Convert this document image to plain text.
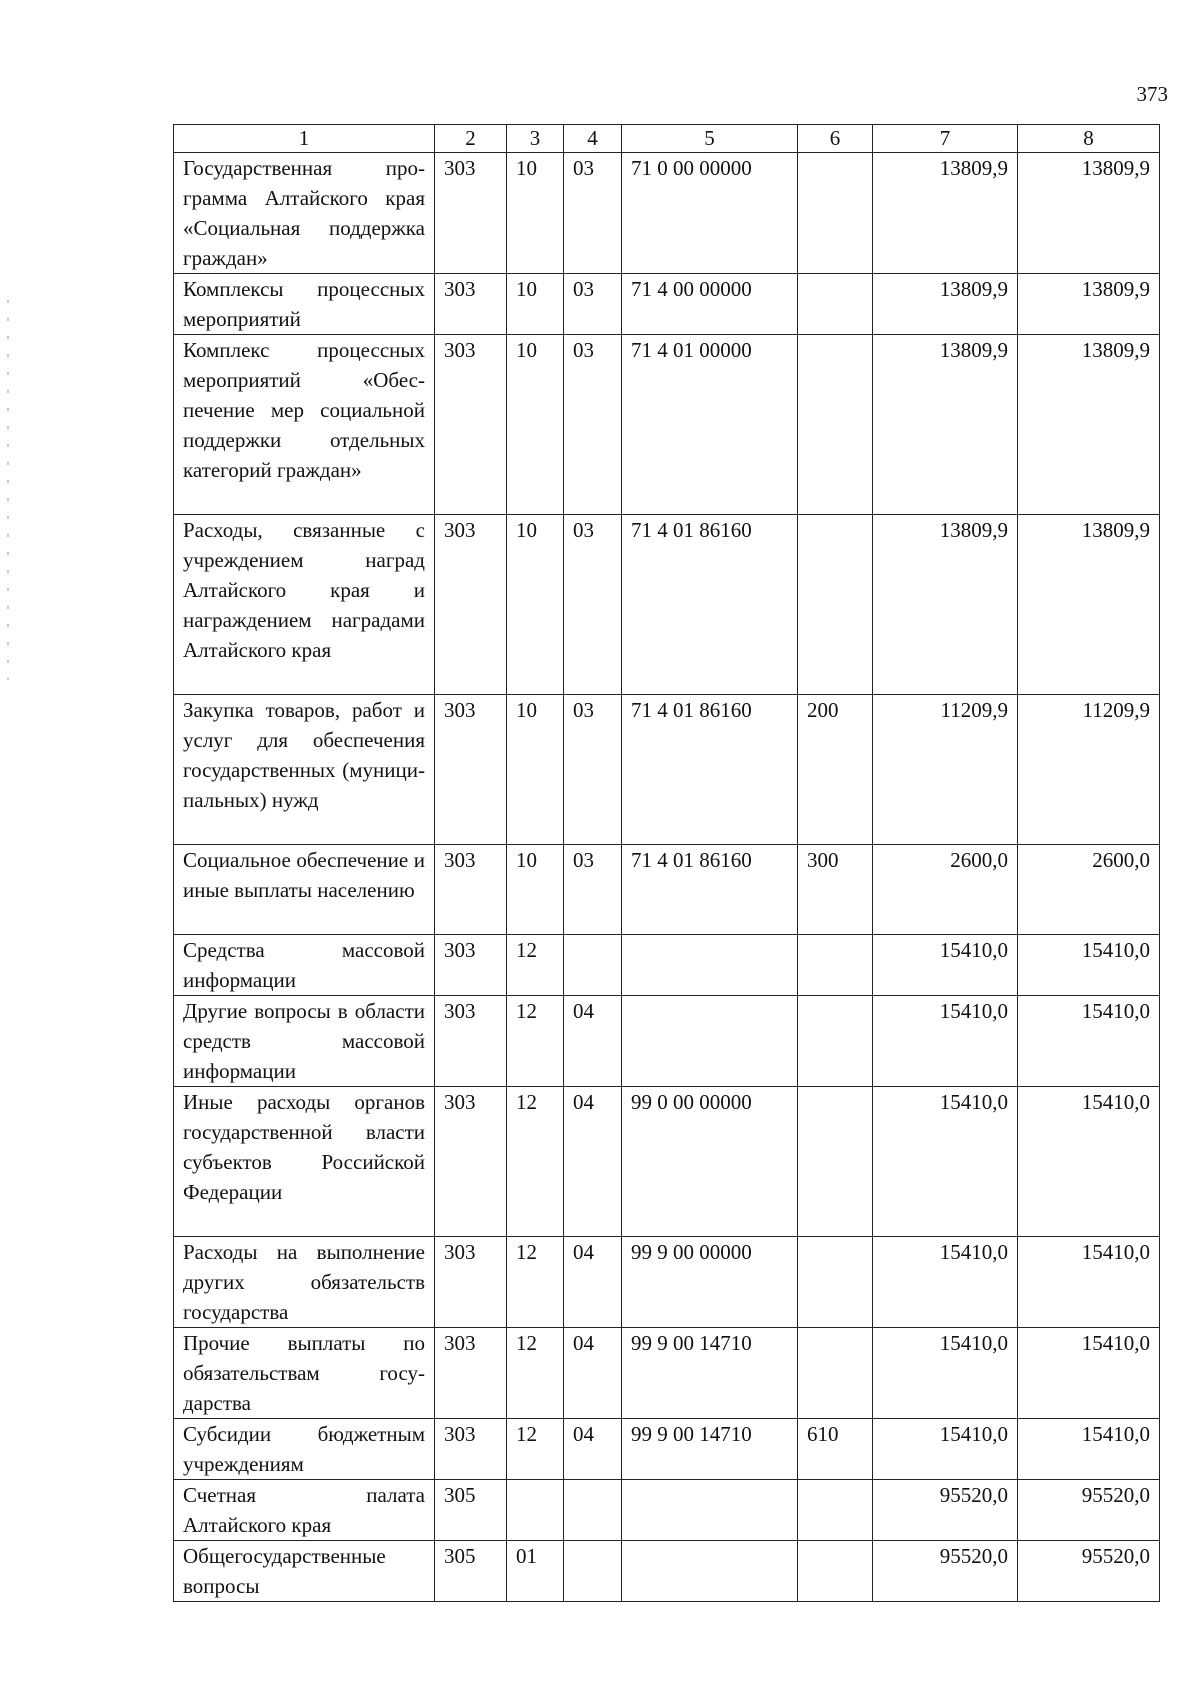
373
1	2	3	4	5	6	7	8
Государственная программа Алтайского края «Социальная поддержка граждан»	303	10	03	71 0 00 00000		13809,9	13809,9
Комплексы процессных мероприятий	303	10	03	71 4 00 00000		13809,9	13809,9
Комплекс процессных мероприятий «Обеспечение мер социальной поддержки отдельных категорий граждан»	303	10	03	71 4 01 00000		13809,9	13809,9
Расходы, связанные с учреждением наград Алтайского края и награждением наградами Алтайского края	303	10	03	71 4 01 86160		13809,9	13809,9
Закупка товаров, работ и услуг для обеспечения государственных (муниципальных) нужд	303	10	03	71 4 01 86160	200	11209,9	11209,9
Социальное обеспечение и иные выплаты населению	303	10	03	71 4 01 86160	300	2600,0	2600,0
Средства массовой информации	303	12				15410,0	15410,0
Другие вопросы в области средств массовой информации	303	12	04			15410,0	15410,0
Иные расходы органов государственной власти субъектов Российской Федерации	303	12	04	99 0 00 00000		15410,0	15410,0
Расходы на выполнение других обязательств государства	303	12	04	99 9 00 00000		15410,0	15410,0
Прочие выплаты по обязательствам государства	303	12	04	99 9 00 14710		15410,0	15410,0
Субсидии бюджетным учреждениям	303	12	04	99 9 00 14710	610	15410,0	15410,0
Счетная палата Алтайского края	305					95520,0	95520,0
Общегосударственные вопросы	305	01				95520,0	95520,0
